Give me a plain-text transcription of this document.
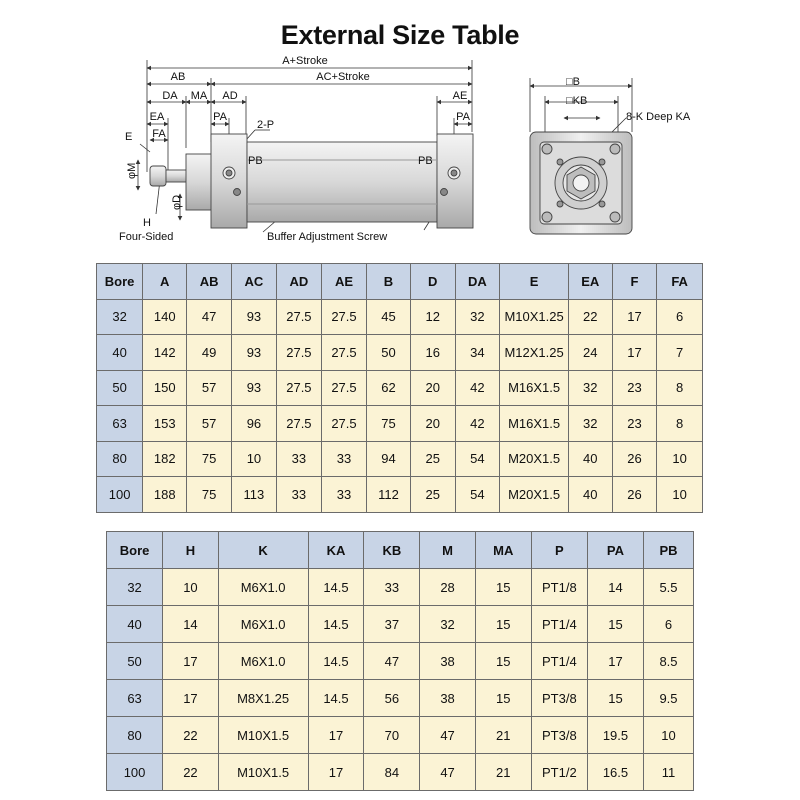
External Size Table
A+Stroke
AC+Stroke
AB
DA MA AD	AE
EA
FA
PA	PA
2-P
PB	PB
E
φM
φD
H
Four-Sided	Buffer Adjustment Screw
□B
□KB
8-K Deep KA
Bore	A	AB	AC	AD	AE	B	D	DA	E	EA	F	FA
32	140	47	93	27.5	27.5	45	12	32	M10X1.25	22	17	6
40	142	49	93	27.5	27.5	50	16	34	M12X1.25	24	17	7
50	150	57	93	27.5	27.5	62	20	42	M16X1.5	32	23	8
63	153	57	96	27.5	27.5	75	20	42	M16X1.5	32	23	8
80	182	75	10	33	33	94	25	54	M20X1.5	40	26	10
100	188	75	113	33	33	112	25	54	M20X1.5	40	26	10
Bore	H	K	KA	KB	M	MA	P	PA	PB
32	10	M6X1.0	14.5	33	28	15	PT1/8	14	5.5
40	14	M6X1.0	14.5	37	32	15	PT1/4	15	6
50	17	M6X1.0	14.5	47	38	15	PT1/4	17	8.5
63	17	M8X1.25	14.5	56	38	15	PT3/8	15	9.5
80	22	M10X1.5	17	70	47	21	PT3/8	19.5	10
100	22	M10X1.5	17	84	47	21	PT1/2	16.5	11
